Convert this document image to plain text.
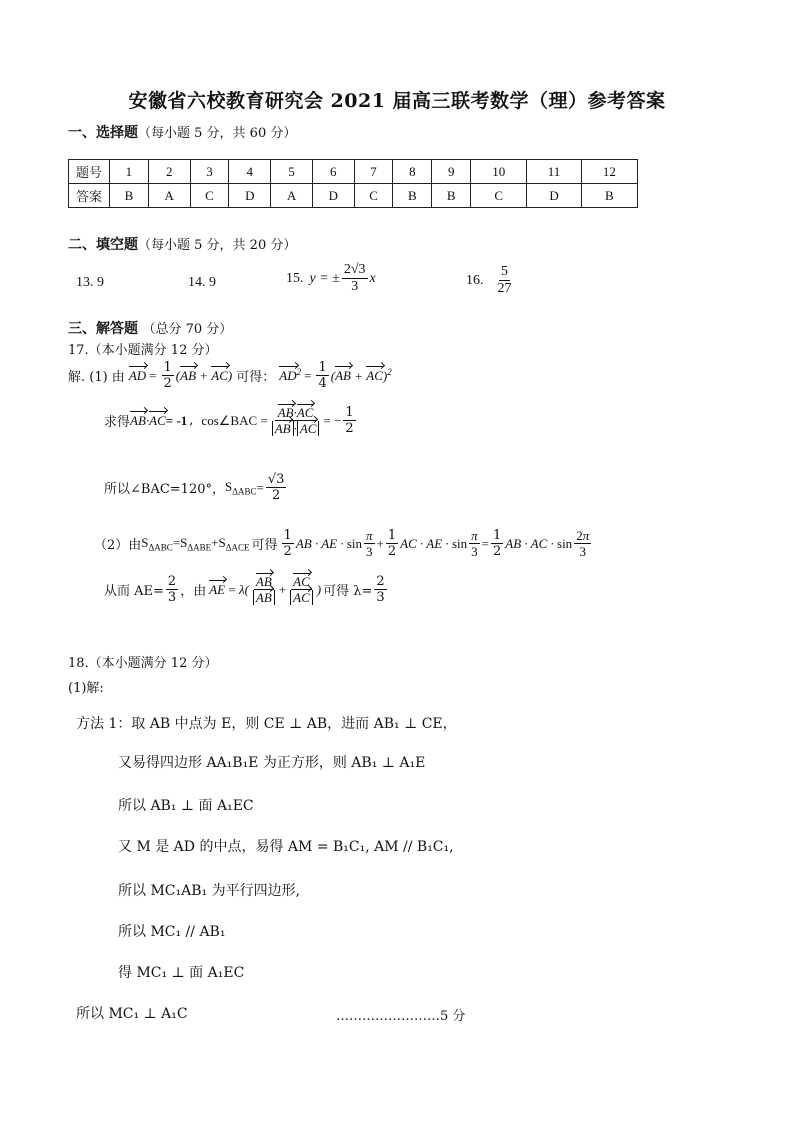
安徽省六校教育研究会 2021 届高三联考数学（理）参考答案
一、选择题（每小题 5 分，共 60 分）
题号	1	2	3	4	5	6	7	8	9	10	11	12
答案	B	A	C	D	A	D	C	B	B	C	D	B
二、填空题（每小题 5 分，共 20 分）
13. 9	14. 9	15. y = ± $\frac{2√3}{3}$ x	16. $\frac{5}{27}$
三、解答题 （总分 70 分）
17.（本小题满分 12 分）
解. (1) 由 AD = $\frac{1}{2} (AB + AC)$ 可得： $AD^2 = \frac{1}{4} (AB + AC)^2$
求得 AB·AC = -1 , cos∠BAC = $\frac{AB\cdot AC}{AB \cdot AC}$ = − $\frac{1}{2}$
所以∠BAC=120°， $S_{\Delta ABC} = \frac{√3}{2}$
（2）由 $S_{\Delta ABC}=S_{\Delta ABE}+S_{\Delta ACE}$ 可得 $\frac{1}{2}$ AB · AE · $\sin \frac{\pi}{3} + \frac{1}{2}$ AC · AE · $\sin \frac{\pi}{3} = \frac{1}{2}$ AB · AC · $\sin \frac{2\pi}{3}$
从而 $AE= \frac{2}{3}$ ，由 AE = $\lambda( \frac{AB}{AB} + \frac{AC}{AC}$ ) 可得 $\lambda= \frac{2}{3}$
18.（本小题满分 12 分）
(1)解:
方法 1：取 AB 中点为 E，则 CE ⊥ AB，进而 AB₁ ⊥ CE，
又易得四边形 AA₁B₁E 为正方形，则 AB₁ ⊥ A₁E
所以 AB₁ ⊥ 面 A₁EC
又 M 是 AD 的中点，易得 AM = B₁C₁, AM // B₁C₁,
所以 MC₁AB₁ 为平行四边形,
所以 MC₁ // AB₁
得 MC₁ ⊥ 面 A₁EC
所以 MC₁ ⊥ A₁C	……………………5 分
